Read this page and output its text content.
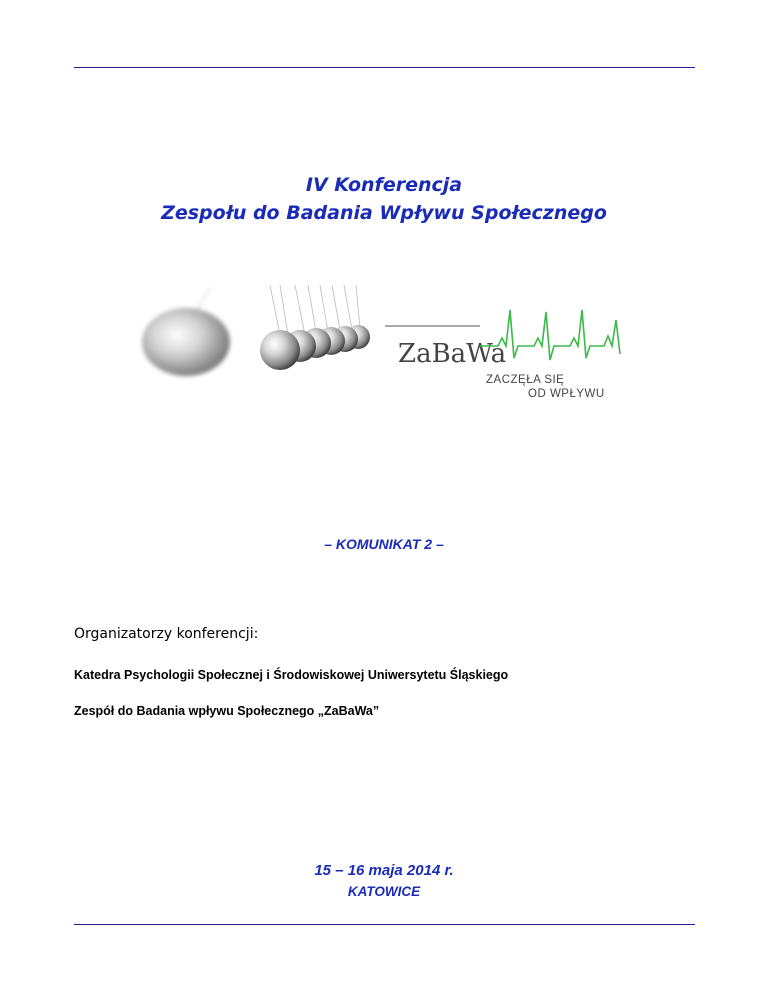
IV Konferencja
Zespołu do Badania Wpływu Społecznego
ZaBaWa
ZACZĘŁA SIĘ
OD WPŁYWU
– KOMUNIKAT 2 –
Organizatorzy konferencji:
Katedra Psychologii Społecznej i Środowiskowej Uniwersytetu Śląskiego
Zespół do Badania wpływu Społecznego „ZaBaWa”
15 – 16 maja 2014 r.
KATOWICE
